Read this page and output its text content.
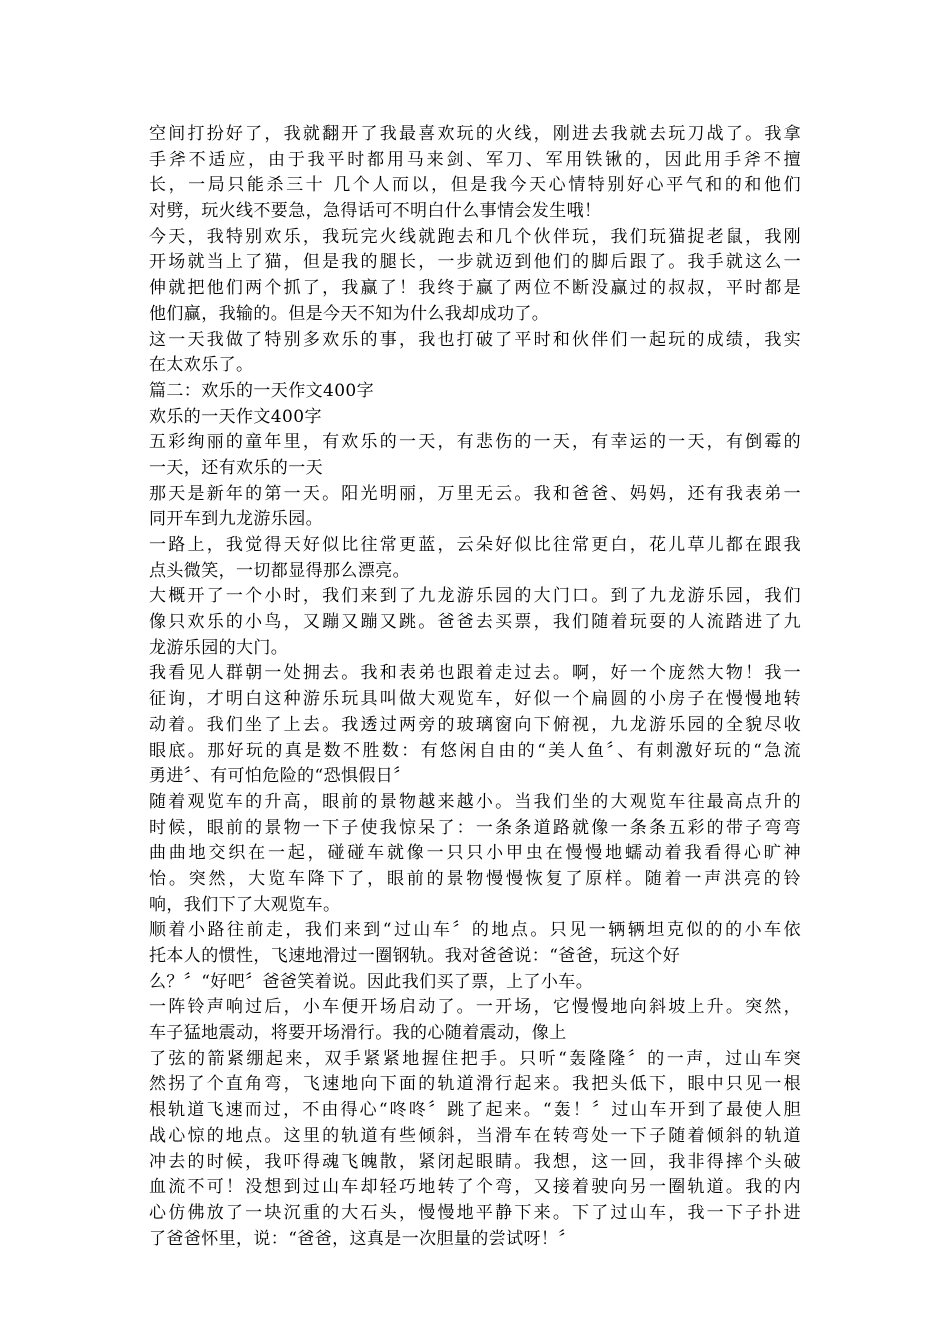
空间打扮好了，我就翻开了我最喜欢玩的火线，刚进去我就去玩刀战了。我拿
手斧不适应，由于我平时都用马来剑、军刀、军用铁锹的，因此用手斧不擅
长，一局只能杀三十 几个人而以，但是我今天心情特别好心平气和的和他们
对劈，玩火线不要急，急得话可不明白什么事情会发生哦！
今天，我特别欢乐，我玩完火线就跑去和几个伙伴玩，我们玩猫捉老鼠，我刚
开场就当上了猫，但是我的腿长，一步就迈到他们的脚后跟了。我手就这么一
伸就把他们两个抓了，我赢了！我终于赢了两位不断没赢过的叔叔，平时都是
他们赢，我输的。但是今天不知为什么我却成功了。
这一天我做了特别多欢乐的事，我也打破了平时和伙伴们一起玩的成绩，我实
在太欢乐了。
篇二：欢乐的一天作文400字
欢乐的一天作文400字
五彩绚丽的童年里，有欢乐的一天，有悲伤的一天，有幸运的一天，有倒霉的
一天，还有欢乐的一天
那天是新年的第一天。阳光明丽，万里无云。我和爸爸、妈妈，还有我表弟一
同开车到九龙游乐园。
一路上，我觉得天好似比往常更蓝，云朵好似比往常更白，花儿草儿都在跟我
点头微笑，一切都显得那么漂亮。
大概开了一个小时，我们来到了九龙游乐园的大门口。到了九龙游乐园，我们
像只欢乐的小鸟，又蹦又蹦又跳。爸爸去买票，我们随着玩耍的人流踏进了九
龙游乐园的大门。
我看见人群朝一处拥去。我和表弟也跟着走过去。啊，好一个庞然大物！我一
征询，才明白这种游乐玩具叫做大观览车，好似一个扁圆的小房子在慢慢地转
动着。我们坐了上去。我透过两旁的玻璃窗向下俯视，九龙游乐园的全貌尽收
眼底。那好玩的真是数不胜数：有悠闲自由的“美人鱼〞、有刺激好玩的“急流
勇进〞、有可怕危险的“恐惧假日〞
随着观览车的升高，眼前的景物越来越小。当我们坐的大观览车往最高点升的
时候，眼前的景物一下子使我惊呆了：一条条道路就像一条条五彩的带子弯弯
曲曲地交织在一起，碰碰车就像一只只小甲虫在慢慢地蠕动着我看得心旷神
怡。突然，大览车降下了，眼前的景物慢慢恢复了原样。随着一声洪亮的铃
响，我们下了大观览车。
顺着小路往前走，我们来到“过山车〞的地点。只见一辆辆坦克似的的小车依
托本人的惯性，飞速地滑过一圈钢轨。我对爸爸说：“爸爸，玩这个好
么？〞“好吧〞爸爸笑着说。因此我们买了票，上了小车。
一阵铃声响过后，小车便开场启动了。一开场，它慢慢地向斜坡上升。突然，
车子猛地震动，将要开场滑行。我的心随着震动，像上
了弦的箭紧绷起来，双手紧紧地握住把手。只听“轰隆隆〞的一声，过山车突
然拐了个直角弯，飞速地向下面的轨道滑行起来。我把头低下，眼中只见一根
根轨道飞速而过，不由得心“咚咚〞跳了起来。“轰！〞过山车开到了最使人胆
战心惊的地点。这里的轨道有些倾斜，当滑车在转弯处一下子随着倾斜的轨道
冲去的时候，我吓得魂飞魄散，紧闭起眼睛。我想，这一回，我非得摔个头破
血流不可！没想到过山车却轻巧地转了个弯，又接着驶向另一圈轨道。我的内
心仿佛放了一块沉重的大石头，慢慢地平静下来。下了过山车，我一下子扑进
了爸爸怀里，说：“爸爸，这真是一次胆量的尝试呀！〞
